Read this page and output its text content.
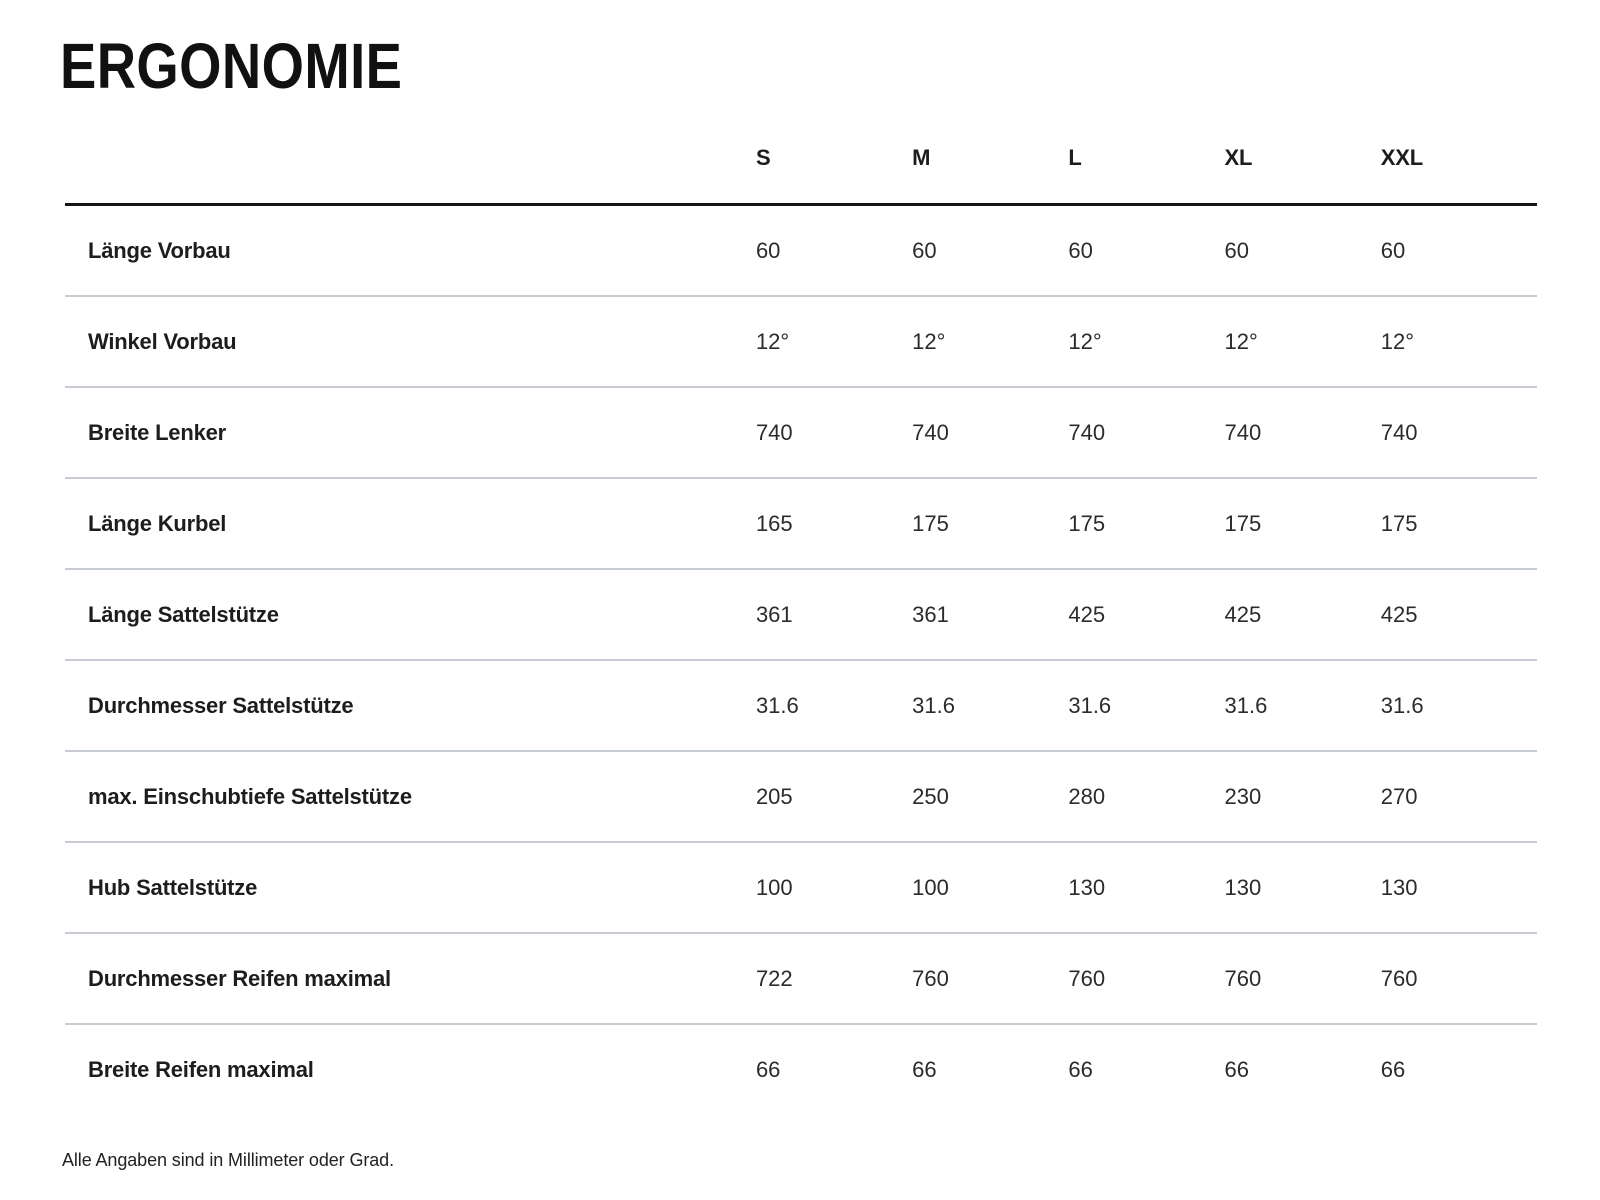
ERGONOMIE
	S	M	L	XL	XXL
Länge Vorbau	60	60	60	60	60
Winkel Vorbau	12°	12°	12°	12°	12°
Breite Lenker	740	740	740	740	740
Länge Kurbel	165	175	175	175	175
Länge Sattelstütze	361	361	425	425	425
Durchmesser Sattelstütze	31.6	31.6	31.6	31.6	31.6
max. Einschubtiefe Sattelstütze	205	250	280	230	270
Hub Sattelstütze	100	100	130	130	130
Durchmesser Reifen maximal	722	760	760	760	760
Breite Reifen maximal	66	66	66	66	66
Alle Angaben sind in Millimeter oder Grad.
